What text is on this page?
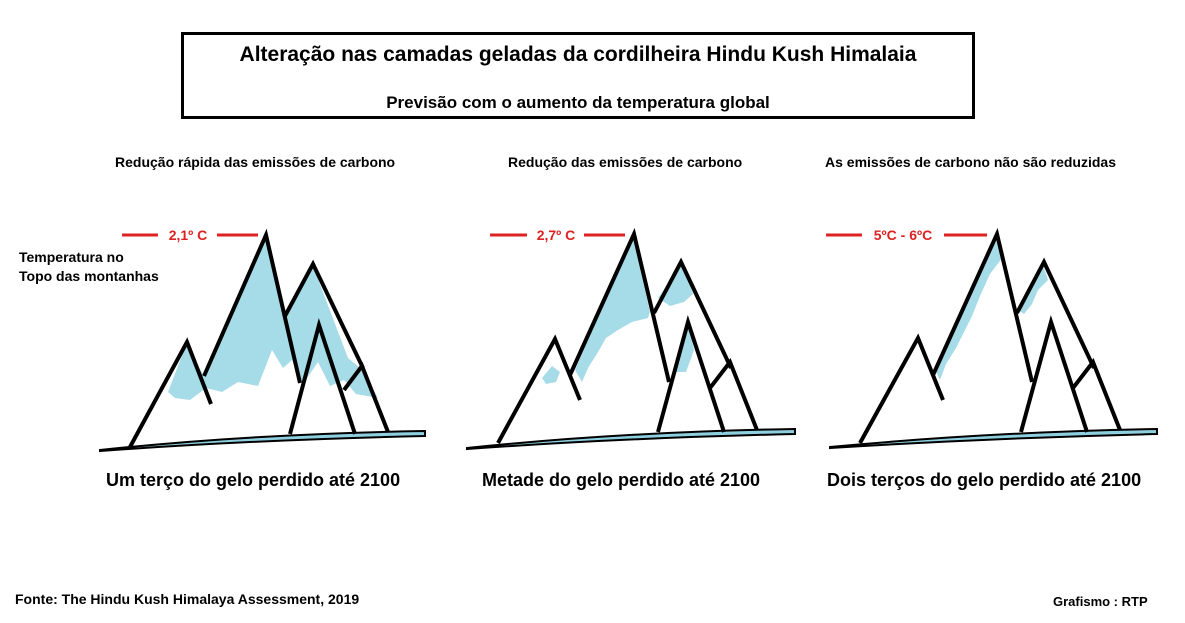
Alteração nas camadas geladas da cordilheira Hindu Kush Himalaia
Previsão com o aumento da temperatura global
Temperatura no
Topo das montanhas
Redução rápida das emissões de carbono	Redução das emissões de carbono	As emissões de carbono não são reduzidas
2,1º C	2,7º C	5ºC - 6ºC
Um terço do gelo perdido até 2100	Metade do gelo perdido até 2100	Dois terços do gelo perdido até 2100
Fonte: The Hindu Kush Himalaya Assessment, 2019	Grafismo : RTP
